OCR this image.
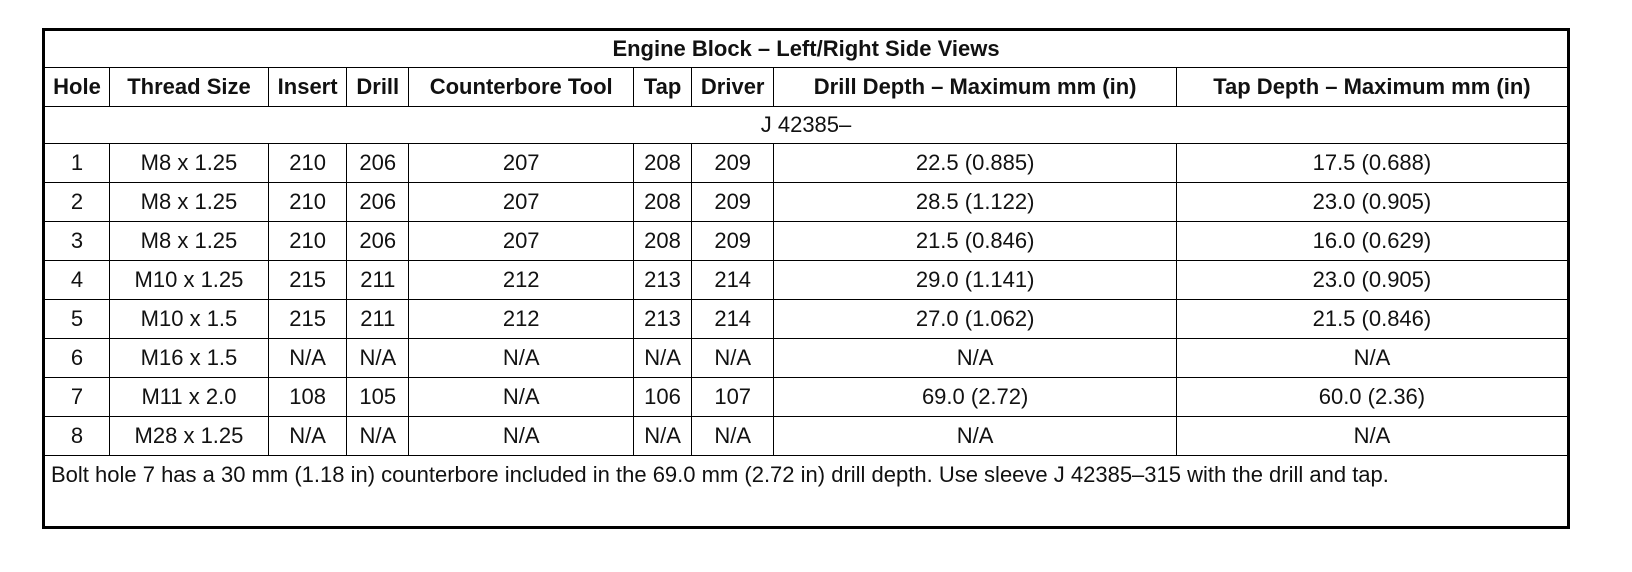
Engine Block – Left/Right Side Views								
Hole	Thread Size	Insert	Drill	Counterbore Tool	Tap	Driver	Drill Depth – Maximum mm (in)	Tap Depth – Maximum mm (in)
J 42385–								
1	M8 x 1.25	210	206	207	208	209	22.5 (0.885)	17.5 (0.688)
2	M8 x 1.25	210	206	207	208	209	28.5 (1.122)	23.0 (0.905)
3	M8 x 1.25	210	206	207	208	209	21.5 (0.846)	16.0 (0.629)
4	M10 x 1.25	215	211	212	213	214	29.0 (1.141)	23.0 (0.905)
5	M10 x 1.5	215	211	212	213	214	27.0 (1.062)	21.5 (0.846)
6	M16 x 1.5	N/A	N/A	N/A	N/A	N/A	N/A	N/A
7	M11 x 2.0	108	105	N/A	106	107	69.0 (2.72)	60.0 (2.36)
8	M28 x 1.25	N/A	N/A	N/A	N/A	N/A	N/A	N/A
Bolt hole 7 has a 30 mm (1.18 in) counterbore included in the 69.0 mm (2.72 in) drill depth. Use sleeve J 42385–315 with the drill and tap.								
